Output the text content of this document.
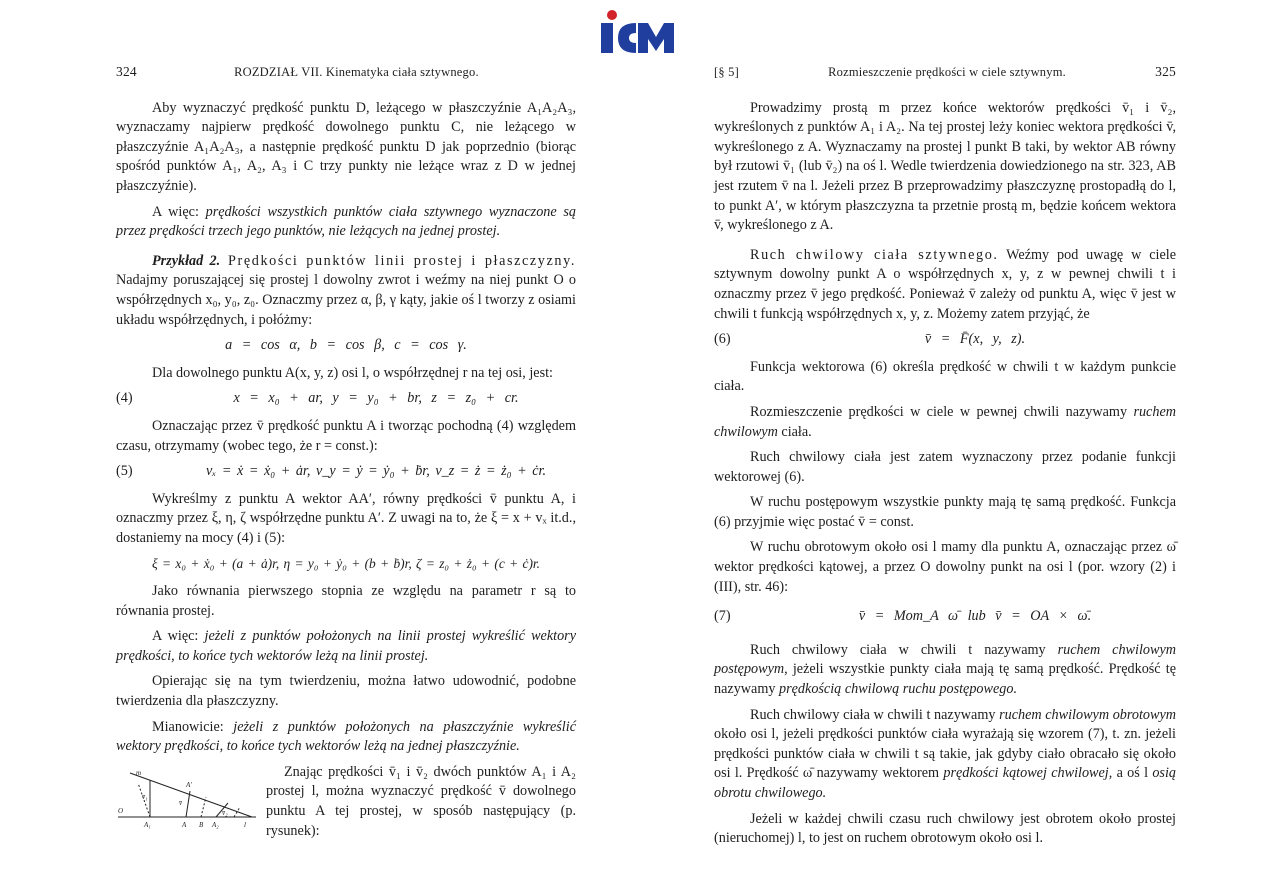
324	ROZDZIAŁ VII. Kinematyka ciała sztywnego.

Aby wyznaczyć prędkość punktu D, leżącego w płaszczyźnie A₁A₂A₃, wyznaczamy najpierw prędkość dowolnego punktu C, nie leżącego w płaszczyźnie A₁A₂A₃, a następnie prędkość punktu D jak poprzednio (biorąc spośród punktów A₁, A₂, A₃ i C trzy punkty nie leżące wraz z D w jednej płaszczyźnie).

A więc: prędkości wszystkich punktów ciała sztywnego wyznaczone są przez prędkości trzech jego punktów, nie leżących na jednej prostej.

Przykład 2. Prędkości punktów linii prostej i płaszczyzny. Nadajmy poruszającej się prostej l dowolny zwrot i weźmy na niej punkt O o współrzędnych x₀, y₀, z₀. Oznaczmy przez α, β, γ kąty, jakie oś l tworzy z osiami układu współrzędnych, i połóżmy:

a = cos α, b = cos β, c = cos γ.

Dla dowolnego punktu A(x, y, z) osi l, o współrzędnej r na tej osi, jest:

(4)	x = x₀ + ar, y = y₀ + br, z = z₀ + cr.

Oznaczając przez v̄ prędkość punktu A i tworząc pochodną (4) względem czasu, otrzymamy (wobec tego, że r = const.):

(5)	vₓ = ẋ = ẋ₀ + ȧr, v_y = ẏ = ẏ₀ + ḃr, v_z = ż = ż₀ + ċr.

Wykreślmy z punktu A wektor AA′, równy prędkości v̄ punktu A, i oznaczmy przez ξ, η, ζ współrzędne punktu A′. Z uwagi na to, że ξ = x + vₓ it.d., dostaniemy na mocy (4) i (5):

ξ = x₀ + ẋ₀ + (a + ȧ)r, η = y₀ + ẏ₀ + (b + ḃ)r, ζ = z₀ + ż₀ + (c + ċ)r.

Jako równania pierwszego stopnia ze względu na parametr r są to równania prostej.

A więc: jeżeli z punktów położonych na linii prostej wykreślić wektory prędkości, to końce tych wektorów leżą na linii prostej.

Opierając się na tym twierdzeniu, można łatwo udowodnić, podobne twierdzenia dla płaszczyzny.

Mianowicie: jeżeli z punktów położonych na płaszczyźnie wykreślić wektory prędkości, to końce tych wektorów leżą na jednej płaszczyźnie.

m
A′
O
A₁	A B A₂	l
v̄₁
v̄
v̄₂

Znając prędkości v̄₁ i v̄₂ dwóch punktów A₁ i A₂ prostej l, można wyznaczyć prędkość v̄ dowolnego punktu A tej prostej, w sposób następujący (p. rysunek):

[§ 5]	Rozmieszczenie prędkości w ciele sztywnym.	325

Prowadzimy prostą m przez końce wektorów prędkości v̄₁ i v̄₂, wykreślonych z punktów A₁ i A₂. Na tej prostej leży koniec wektora prędkości v̄, wykreślonego z A. Wyznaczamy na prostej l punkt B taki, by wektor AB równy był rzutowi v̄₁ (lub v̄₂) na oś l. Wedle twierdzenia dowiedzionego na str. 323, AB jest rzutem v̄ na l. Jeżeli przez B przeprowadzimy płaszczyznę prostopadłą do l, to punkt A′, w którym płaszczyzna ta przetnie prostą m, będzie końcem wektora v̄, wykreślonego z A.

Ruch chwilowy ciała sztywnego. Weźmy pod uwagę w ciele sztywnym dowolny punkt A o współrzędnych x, y, z w pewnej chwili t i oznaczmy przez v̄ jego prędkość. Ponieważ v̄ zależy od punktu A, więc v̄ jest w chwili t funkcją współrzędnych x, y, z. Możemy zatem przyjąć, że

(6)	v̄ = F̄(x, y, z).

Funkcja wektorowa (6) określa prędkość w chwili t w każdym punkcie ciała.

Rozmieszczenie prędkości w ciele w pewnej chwili nazywamy ruchem chwilowym ciała.

Ruch chwilowy ciała jest zatem wyznaczony przez podanie funkcji wektorowej (6).

W ruchu postępowym wszystkie punkty mają tę samą prędkość. Funkcja (6) przyjmie więc postać v̄ = const.

W ruchu obrotowym około osi l mamy dla punktu A, oznaczając przez ω̄ wektor prędkości kątowej, a przez O dowolny punkt na osi l (por. wzory (2) i (III), str. 46):

(7)	v̄ = Mom_A ω̄ lub v̄ = OA × ω̄.

Ruch chwilowy ciała w chwili t nazywamy ruchem chwilowym postępowym, jeżeli wszystkie punkty ciała mają tę samą prędkość. Prędkość tę nazywamy prędkością chwilową ruchu postępowego.

Ruch chwilowy ciała w chwili t nazywamy ruchem chwilowym obrotowym około osi l, jeżeli prędkości punktów ciała wyrażają się wzorem (7), t. zn. jeżeli prędkości punktów ciała w chwili t są takie, jak gdyby ciało obracało się około osi l. Prędkość ω̄ nazywamy wektorem prędkości kątowej chwilowej, a oś l osią obrotu chwilowego.

Jeżeli w każdej chwili czasu ruch chwilowy jest obrotem około prostej (nieruchomej) l, to jest on ruchem obrotowym około osi l.
